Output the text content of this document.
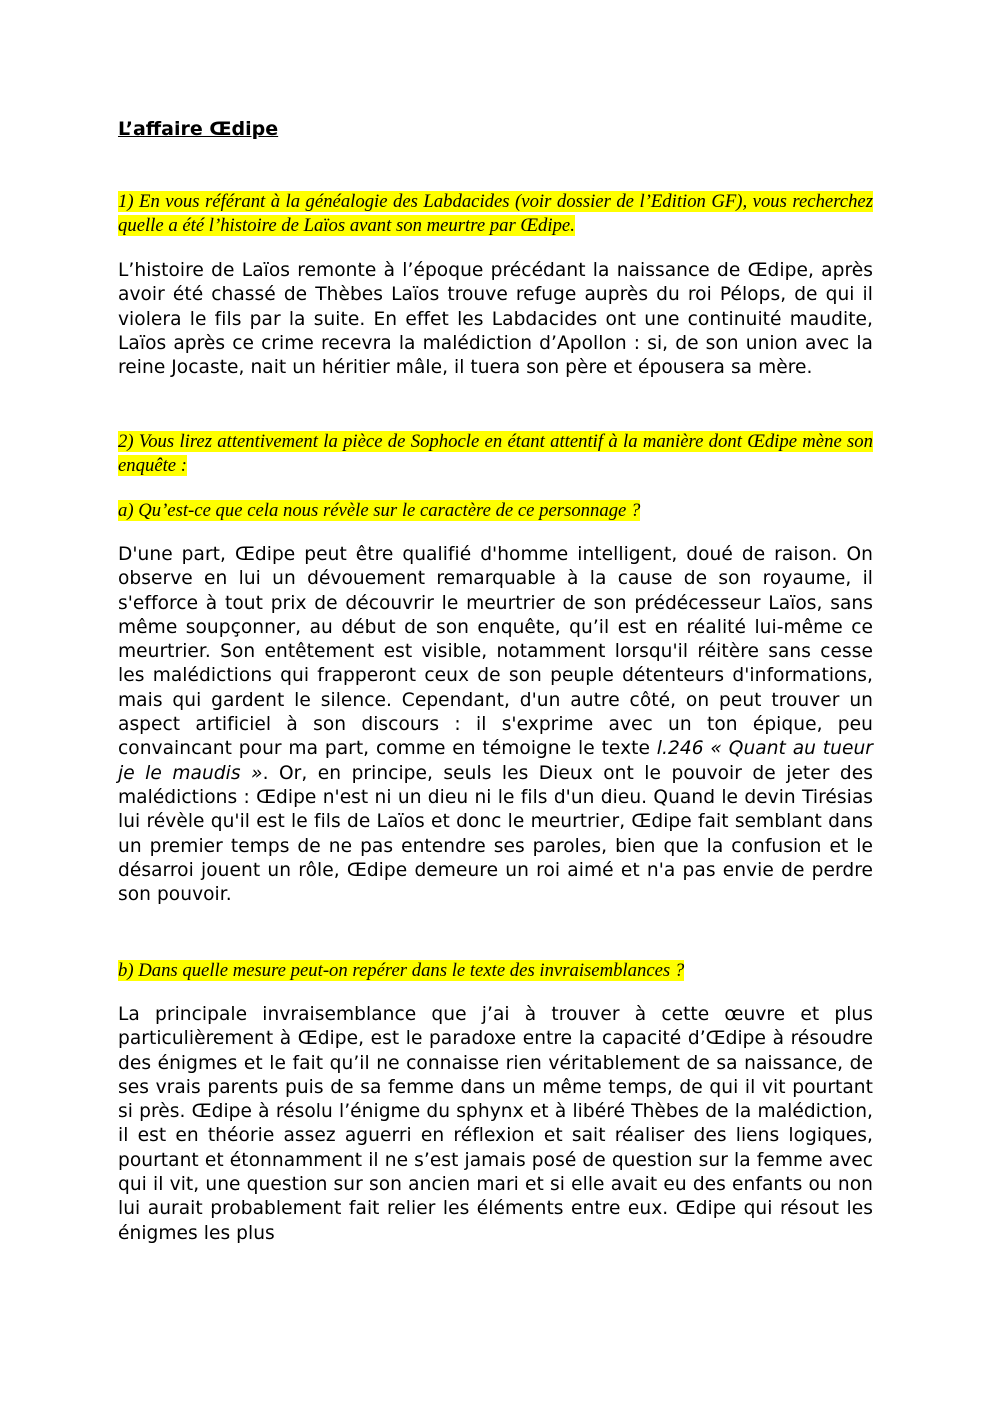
L’affaire Œdipe
1) En vous référant à la généalogie des Labdacides (voir dossier de l’Edition GF), vous recherchez quelle a été l’histoire de Laïos avant son meurtre par Œdipe.
L’histoire de Laïos remonte à l’époque précédant la naissance de Œdipe, après avoir été chassé de Thèbes Laïos trouve refuge auprès du roi Pélops, de qui il violera le fils par la suite. En effet les Labdacides ont une continuité maudite, Laïos après ce crime recevra la malédiction d’Apollon : si, de son union avec la reine Jocaste, nait un héritier mâle, il tuera son père et épousera sa mère.
2) Vous lirez attentivement la pièce de Sophocle en étant attentif à la manière dont Œdipe mène son enquête :
a) Qu’est-ce que cela nous révèle sur le caractère de ce personnage ?
D'une part, Œdipe peut être qualifié d'homme intelligent, doué de raison. On observe en lui un dévouement remarquable à la cause de son royaume, il s'efforce à tout prix de découvrir le meurtrier de son prédécesseur Laïos, sans même soupçonner, au début de son enquête, qu’il est en réalité lui-même ce meurtrier. Son entêtement est visible, notamment lorsqu'il réitère sans cesse les malédictions qui frapperont ceux de son peuple détenteurs d'informations, mais qui gardent le silence. Cependant, d'un autre côté, on peut trouver un aspect artificiel à son discours : il s'exprime avec un ton épique, peu convaincant pour ma part, comme en témoigne le texte l.246 « Quant au tueur je le maudis ». Or, en principe, seuls les Dieux ont le pouvoir de jeter des malédictions : Œdipe n'est ni un dieu ni le fils d'un dieu. Quand le devin Tirésias lui révèle qu'il est le fils de Laïos et donc le meurtrier, Œdipe fait semblant dans un premier temps de ne pas entendre ses paroles, bien que la confusion et le désarroi jouent un rôle, Œdipe demeure un roi aimé et n'a pas envie de perdre son pouvoir.
b) Dans quelle mesure peut-on repérer dans le texte des invraisemblances ?
La principale invraisemblance que j’ai à trouver à cette œuvre et plus particulièrement à Œdipe, est le paradoxe entre la capacité d’Œdipe à résoudre des énigmes et le fait qu’il ne connaisse rien véritablement de sa naissance, de ses vrais parents puis de sa femme dans un même temps, de qui il vit pourtant si près. Œdipe à résolu l’énigme du sphynx et à libéré Thèbes de la malédiction, il est en théorie assez aguerri en réflexion et sait réaliser des liens logiques, pourtant et étonnamment il ne s’est jamais posé de question sur la femme avec qui il vit, une question sur son ancien mari et si elle avait eu des enfants ou non lui aurait probablement fait relier les éléments entre eux. Œdipe qui résout les énigmes les plus
